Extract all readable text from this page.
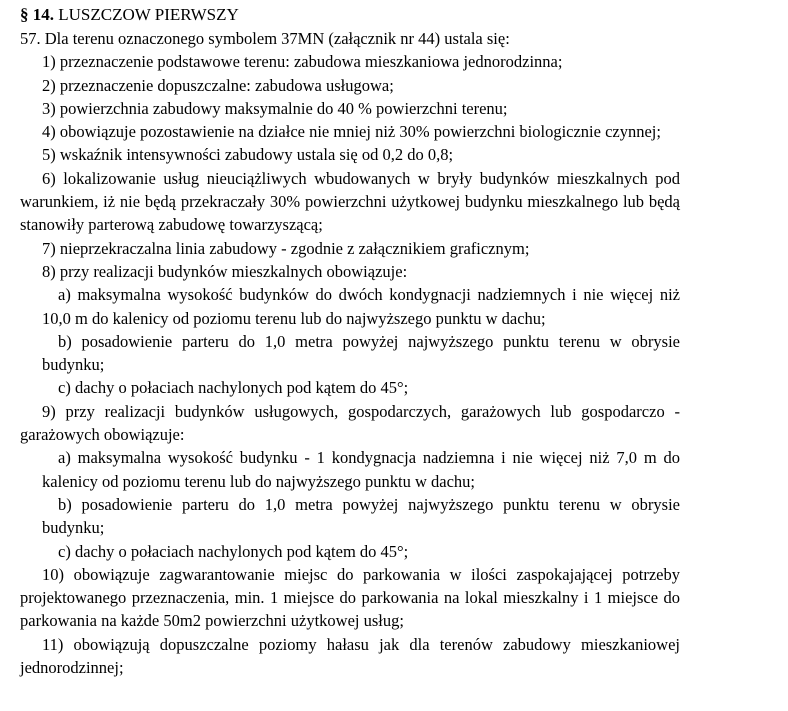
§ 14. LUSZCZOW PIERWSZY

57. Dla terenu oznaczonego symbolem 37MN (załącznik nr 44) ustala się:

1) przeznaczenie podstawowe terenu: zabudowa mieszkaniowa jednorodzinna;

2) przeznaczenie dopuszczalne: zabudowa usługowa;

3) powierzchnia zabudowy maksymalnie do 40 % powierzchni terenu;

4) obowiązuje pozostawienie na działce nie mniej niż 30% powierzchni biologicznie czynnej;

5) wskaźnik intensywności zabudowy ustala się od 0,2 do 0,8;

6) lokalizowanie usług nieuciążliwych wbudowanych w bryły budynków mieszkalnych pod warunkiem, iż nie będą przekraczały 30% powierzchni użytkowej budynku mieszkalnego lub będą stanowiły parterową zabudowę towarzyszącą;

7) nieprzekraczalna linia zabudowy - zgodnie z załącznikiem graficznym;

8) przy realizacji budynków mieszkalnych obowiązuje:

a) maksymalna wysokość budynków do dwóch kondygnacji nadziemnych i nie więcej niż 10,0 m do kalenicy od poziomu terenu lub do najwyższego punktu w dachu;

b) posadowienie parteru do 1,0 metra powyżej najwyższego punktu terenu w obrysie budynku;

c) dachy o połaciach nachylonych pod kątem do 45°;

9) przy realizacji budynków usługowych, gospodarczych, garażowych lub gospodarczo - garażowych obowiązuje:

a) maksymalna wysokość budynku - 1 kondygnacja nadziemna i nie więcej niż 7,0 m do kalenicy od poziomu terenu lub do najwyższego punktu w dachu;

b) posadowienie parteru do 1,0 metra powyżej najwyższego punktu terenu w obrysie budynku;

c) dachy o połaciach nachylonych pod kątem do 45°;

10) obowiązuje zagwarantowanie miejsc do parkowania w ilości zaspokajającej potrzeby projektowanego przeznaczenia, min. 1 miejsce do parkowania na lokal mieszkalny i 1 miejsce do parkowania na każde 50m2 powierzchni użytkowej usług;

11) obowiązują dopuszczalne poziomy hałasu jak dla terenów zabudowy mieszkaniowej jednorodzinnej;
